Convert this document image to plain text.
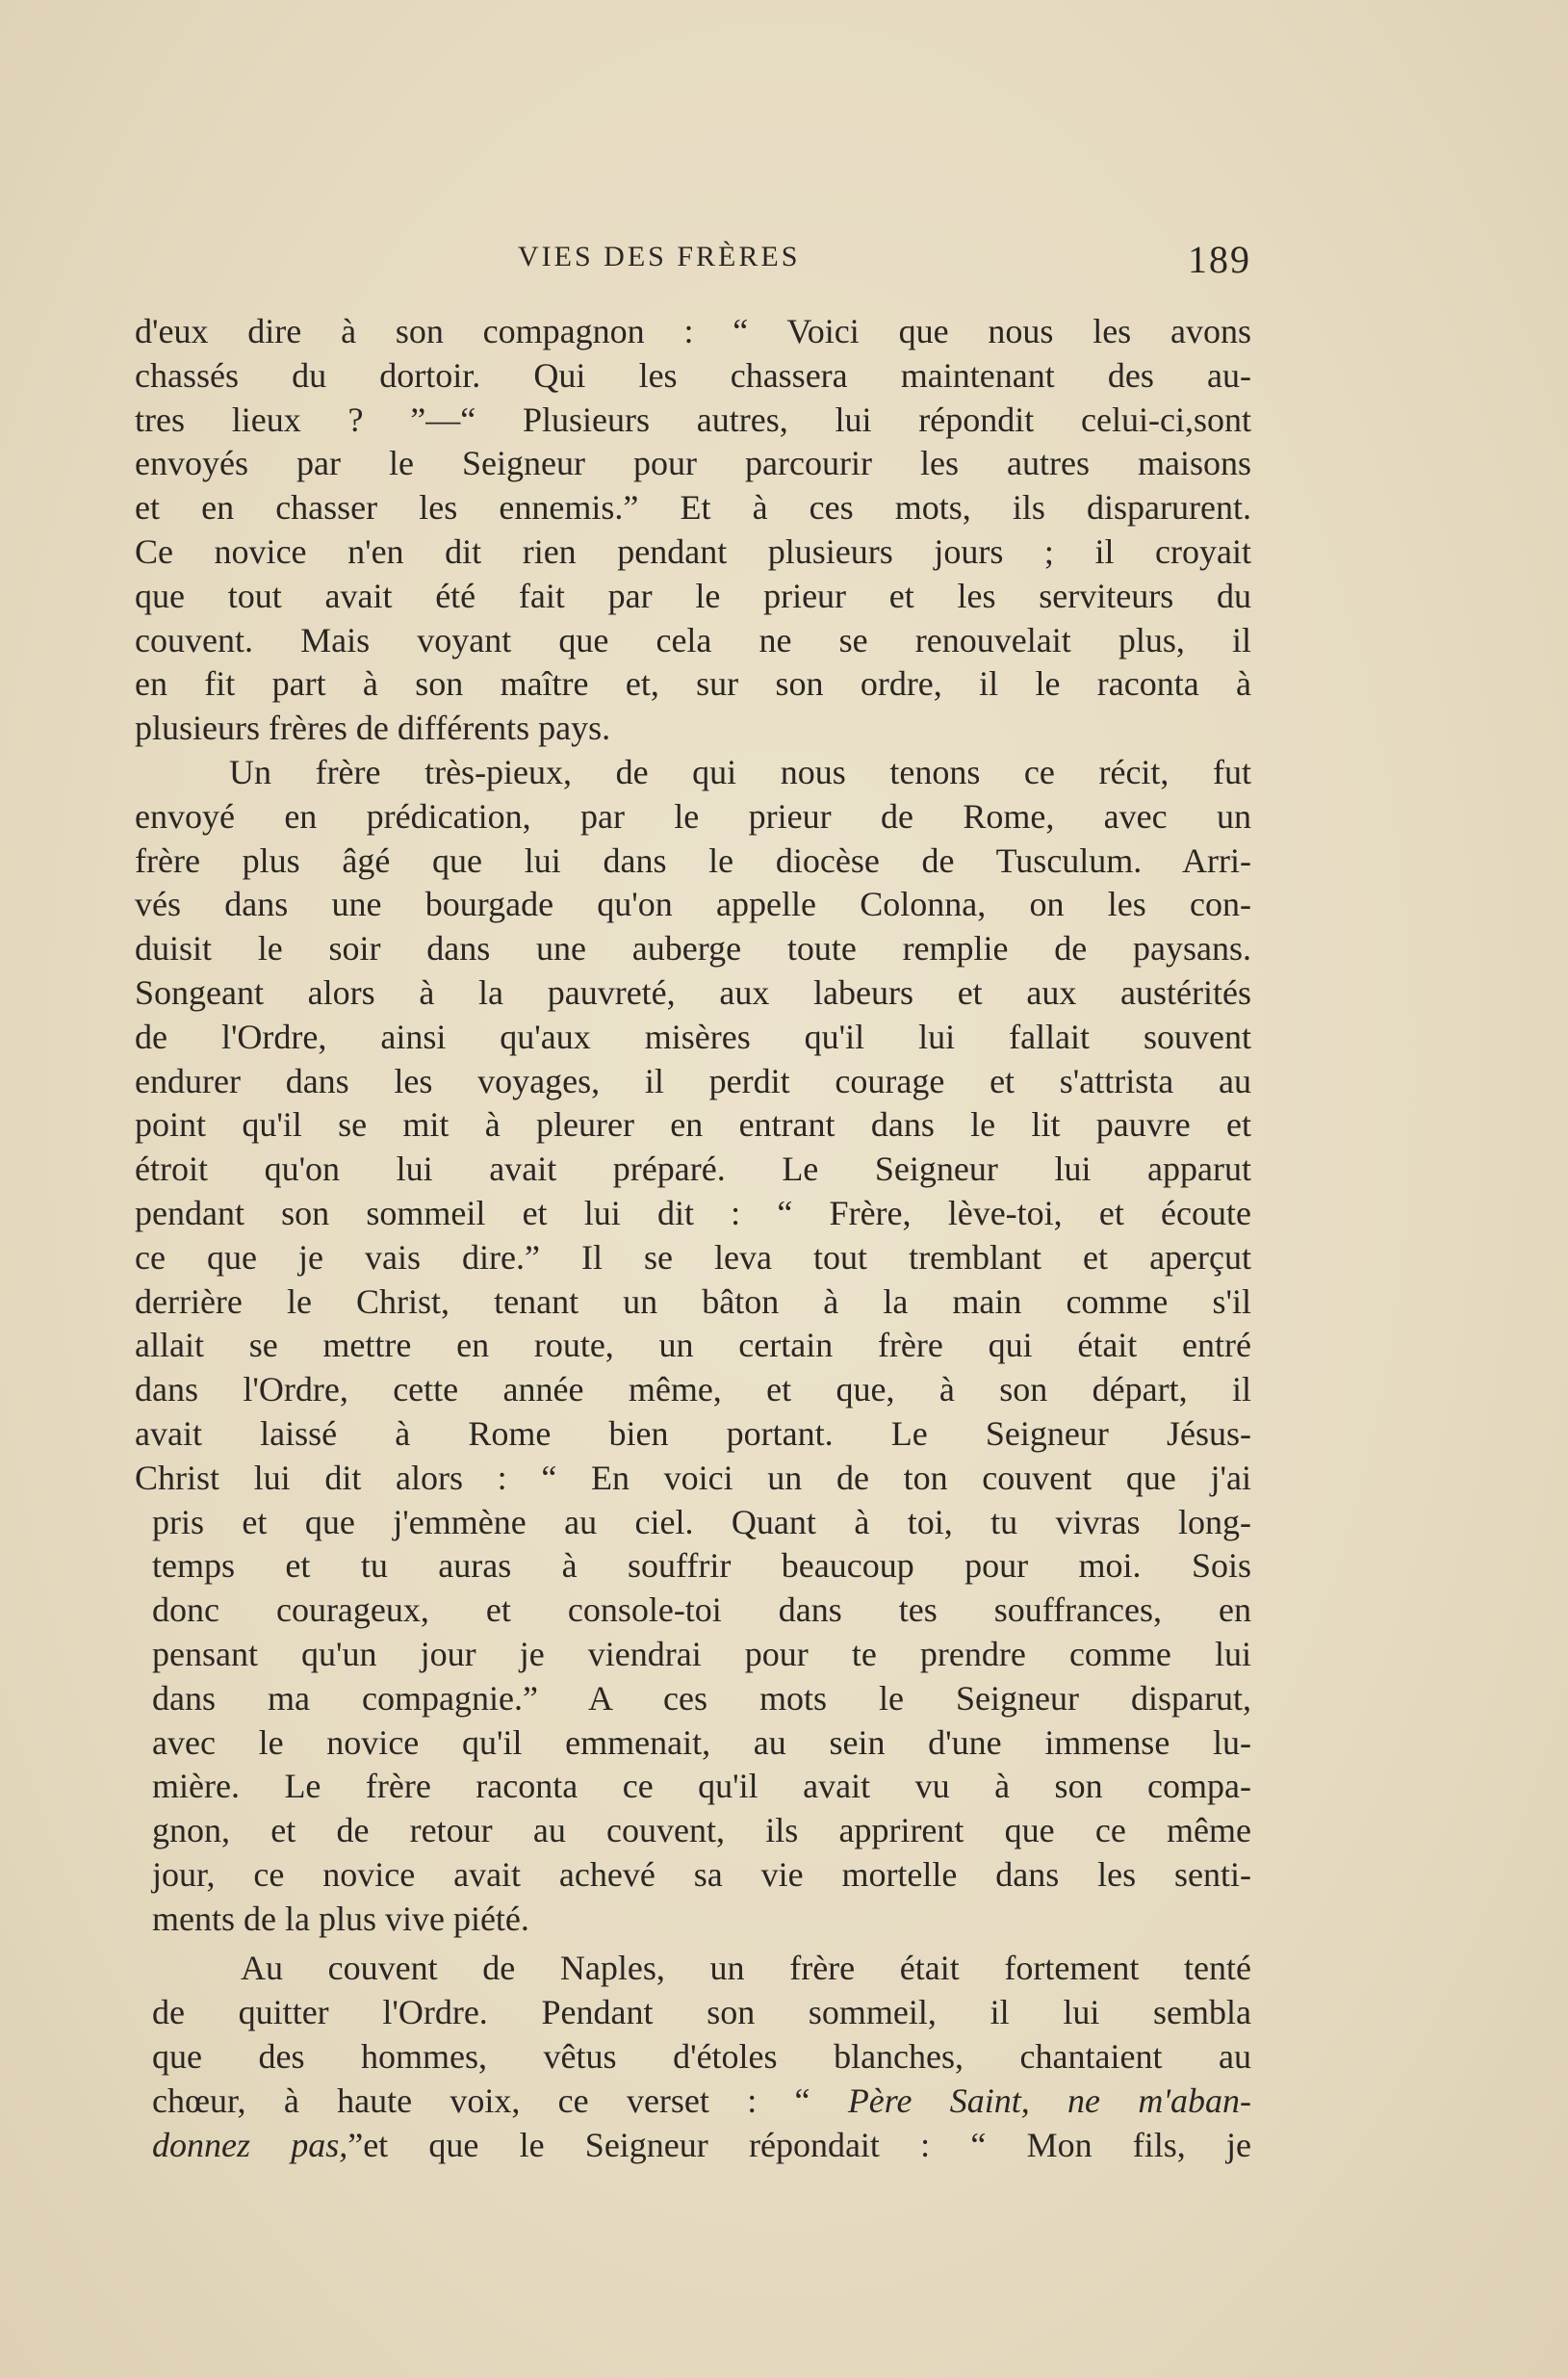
VIES DES FRÈRES	189
d'eux dire à son compagnon : “ Voici que nous les avons
chassés du dortoir. Qui les chassera maintenant des au-
tres lieux ? ”—“ Plusieurs autres, lui répondit celui-ci,sont
envoyés par le Seigneur pour parcourir les autres maisons
et en chasser les ennemis.” Et à ces mots, ils disparurent.
Ce novice n'en dit rien pendant plusieurs jours ; il croyait
que tout avait été fait par le prieur et les serviteurs du
couvent. Mais voyant que cela ne se renouvelait plus, il
en fit part à son maître et, sur son ordre, il le raconta à
plusieurs frères de différents pays.
Un frère très-pieux, de qui nous tenons ce récit, fut
envoyé en prédication, par le prieur de Rome, avec un
frère plus âgé que lui dans le diocèse de Tusculum. Arri-
vés dans une bourgade qu'on appelle Colonna, on les con-
duisit le soir dans une auberge toute remplie de paysans.
Songeant alors à la pauvreté, aux labeurs et aux austérités
de l'Ordre, ainsi qu'aux misères qu'il lui fallait souvent
endurer dans les voyages, il perdit courage et s'attrista au
point qu'il se mit à pleurer en entrant dans le lit pauvre et
étroit qu'on lui avait préparé. Le Seigneur lui apparut
pendant son sommeil et lui dit : “ Frère, lève-toi, et écoute
ce que je vais dire.” Il se leva tout tremblant et aperçut
derrière le Christ, tenant un bâton à la main comme s'il
allait se mettre en route, un certain frère qui était entré
dans l'Ordre, cette année même, et que, à son départ, il
avait laissé à Rome bien portant. Le Seigneur Jésus-
Christ lui dit alors : “ En voici un de ton couvent que j'ai
pris et que j'emmène au ciel. Quant à toi, tu vivras long-
temps et tu auras à souffrir beaucoup pour moi. Sois
donc courageux, et console-toi dans tes souffrances, en
pensant qu'un jour je viendrai pour te prendre comme lui
dans ma compagnie.” A ces mots le Seigneur disparut,
avec le novice qu'il emmenait, au sein d'une immense lu-
mière. Le frère raconta ce qu'il avait vu à son compa-
gnon, et de retour au couvent, ils apprirent que ce même
jour, ce novice avait achevé sa vie mortelle dans les senti-
ments de la plus vive piété.
Au couvent de Naples, un frère était fortement tenté
de quitter l'Ordre. Pendant son sommeil, il lui sembla
que des hommes, vêtus d'étoles blanches, chantaient au
chœur, à haute voix, ce verset : “ Père Saint, ne m'aban-
donnez pas,”et que le Seigneur répondait : “ Mon fils, je
